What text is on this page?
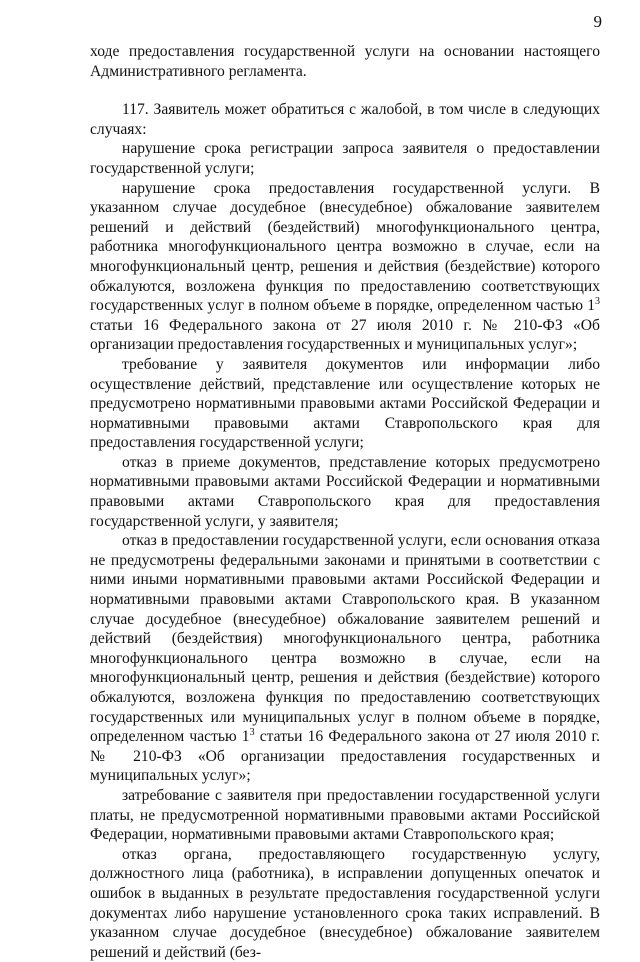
9

ходе предоставления государственной услуги на основании настоящего Административного регламента.

117. Заявитель может обратиться с жалобой, в том числе в следующих случаях:

нарушение срока регистрации запроса заявителя о предоставлении государственной услуги;

нарушение срока предоставления государственной услуги. В указанном случае досудебное (внесудебное) обжалование заявителем решений и действий (бездействий) многофункционального центра, работника многофункционального центра возможно в случае, если на многофункциональный центр, решения и действия (бездействие) которого обжалуются, возложена функция по предоставлению соответствующих государственных услуг в полном объеме в порядке, определенном частью $1^3$ статьи 16 Федерального закона от 27 июля 2010 г. № 210-ФЗ «Об организации предоставления государственных и муниципальных услуг»;

требование у заявителя документов или информации либо осуществление действий, представление или осуществление которых не предусмотрено нормативными правовыми актами Российской Федерации и нормативными правовыми актами Ставропольского края для предоставления государственной услуги;

отказ в приеме документов, представление которых предусмотрено нормативными правовыми актами Российской Федерации и нормативными правовыми актами Ставропольского края для предоставления государственной услуги, у заявителя;

отказ в предоставлении государственной услуги, если основания отказа не предусмотрены федеральными законами и принятыми в соответствии с ними иными нормативными правовыми актами Российской Федерации и нормативными правовыми актами Ставропольского края. В указанном случае досудебное (внесудебное) обжалование заявителем решений и действий (бездействия) многофункционального центра, работника многофункционального центра возможно в случае, если на многофункциональный центр, решения и действия (бездействие) которого обжалуются, возложена функция по предоставлению соответствующих государственных или муниципальных услуг в полном объеме в порядке, определенном частью $1^3$ статьи 16 Федерального закона от 27 июля 2010 г. № 210-ФЗ «Об организации предоставления государственных и муниципальных услуг»;

затребование с заявителя при предоставлении государственной услуги платы, не предусмотренной нормативными правовыми актами Российской Федерации, нормативными правовыми актами Ставропольского края;

отказ органа, предоставляющего государственную услугу, должностного лица (работника), в исправлении допущенных опечаток и ошибок в выданных в результате предоставления государственной услуги документах либо нарушение установленного срока таких исправлений. В указанном случае досудебное (внесудебное) обжалование заявителем решений и действий (без-
